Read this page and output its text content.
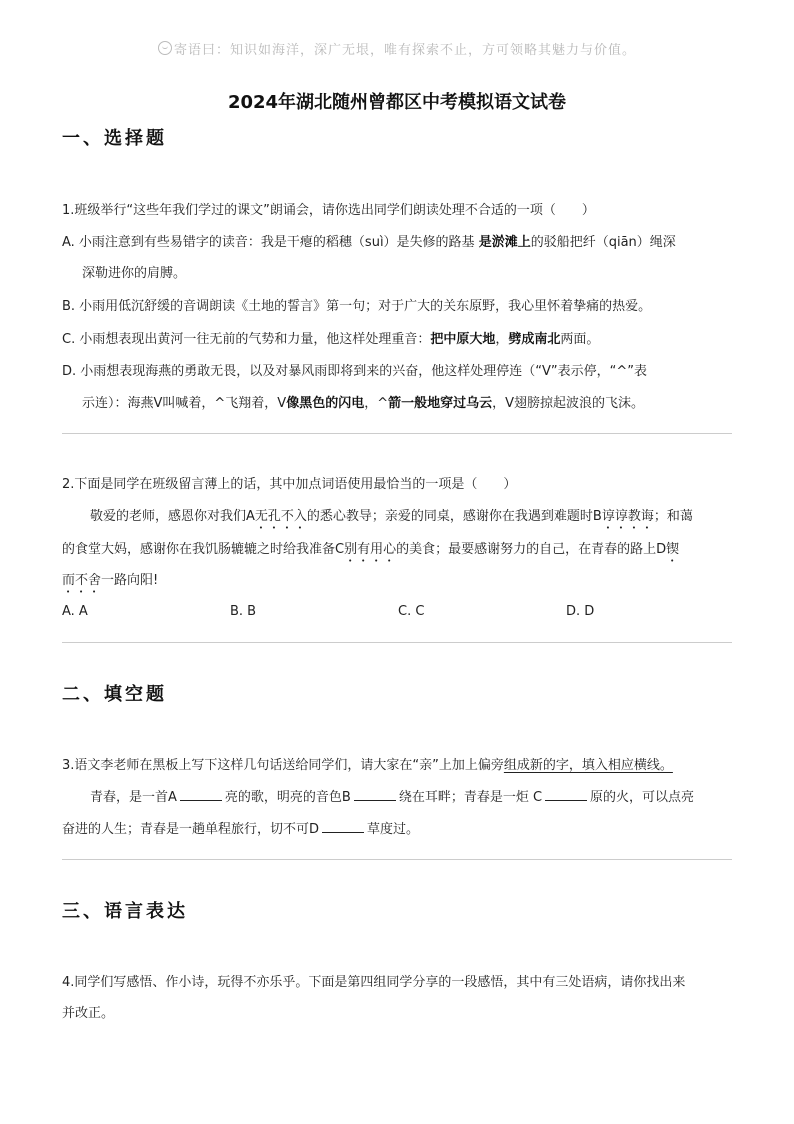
寄语曰：知识如海洋，深广无垠，唯有探索不止，方可领略其魅力与价值。
2024年湖北随州曾都区中考模拟语文试卷
一、选择题
1.班级举行“这些年我们学过的课文”朗诵会，请你选出同学们朗读处理不合适的一项（　　）
A. 小雨注意到有些易错字的读音：我是干瘪的稻穗（suì）是失修的路基 是淤滩上的驳船把纤（qiān）绳深
深勒进你的肩膊。
B. 小雨用低沉舒缓的音调朗读《土地的誓言》第一句；对于广大的关东原野，我心里怀着挚痛的热爱。
C. 小雨想表现出黄河一往无前的气势和力量，他这样处理重音：把中原大地，劈成南北两面。
D. 小雨想表现海燕的勇敢无畏，以及对暴风雨即将到来的兴奋，他这样处理停连（“V”表示停，“^”表
示连）：海燕V叫喊着，^飞翔着，V像黑色的闪电，^箭一般地穿过乌云，V翅膀掠起波浪的飞沫。
2.下面是同学在班级留言薄上的话，其中加点词语使用最恰当的一项是（　　）
敬爱的老师，感恩你对我们A无孔不入的悉心教导；亲爱的同桌，感谢你在我遇到难题时B谆谆教诲；和蔼
的食堂大妈，感谢你在我饥肠辘辘之时给我准备C别有用心的美食；最要感谢努力的自己，在青春的路上D锲
而不舍一路向阳!
A. A	B. B	C. C	D. D
二、填空题
3.语文李老师在黑板上写下这样几句话送给同学们，请大家在“亲”上加上偏旁组成新的字，填入相应横线。
青春，是一首A	亮的歌，明亮的音色B	绕在耳畔；青春是一炬 C	原的火，可以点亮
奋进的人生；青春是一趟单程旅行，切不可D	草度过。
三、语言表达
4.同学们写感悟、作小诗，玩得不亦乐乎。下面是第四组同学分享的一段感悟，其中有三处语病，请你找出来
并改正。
